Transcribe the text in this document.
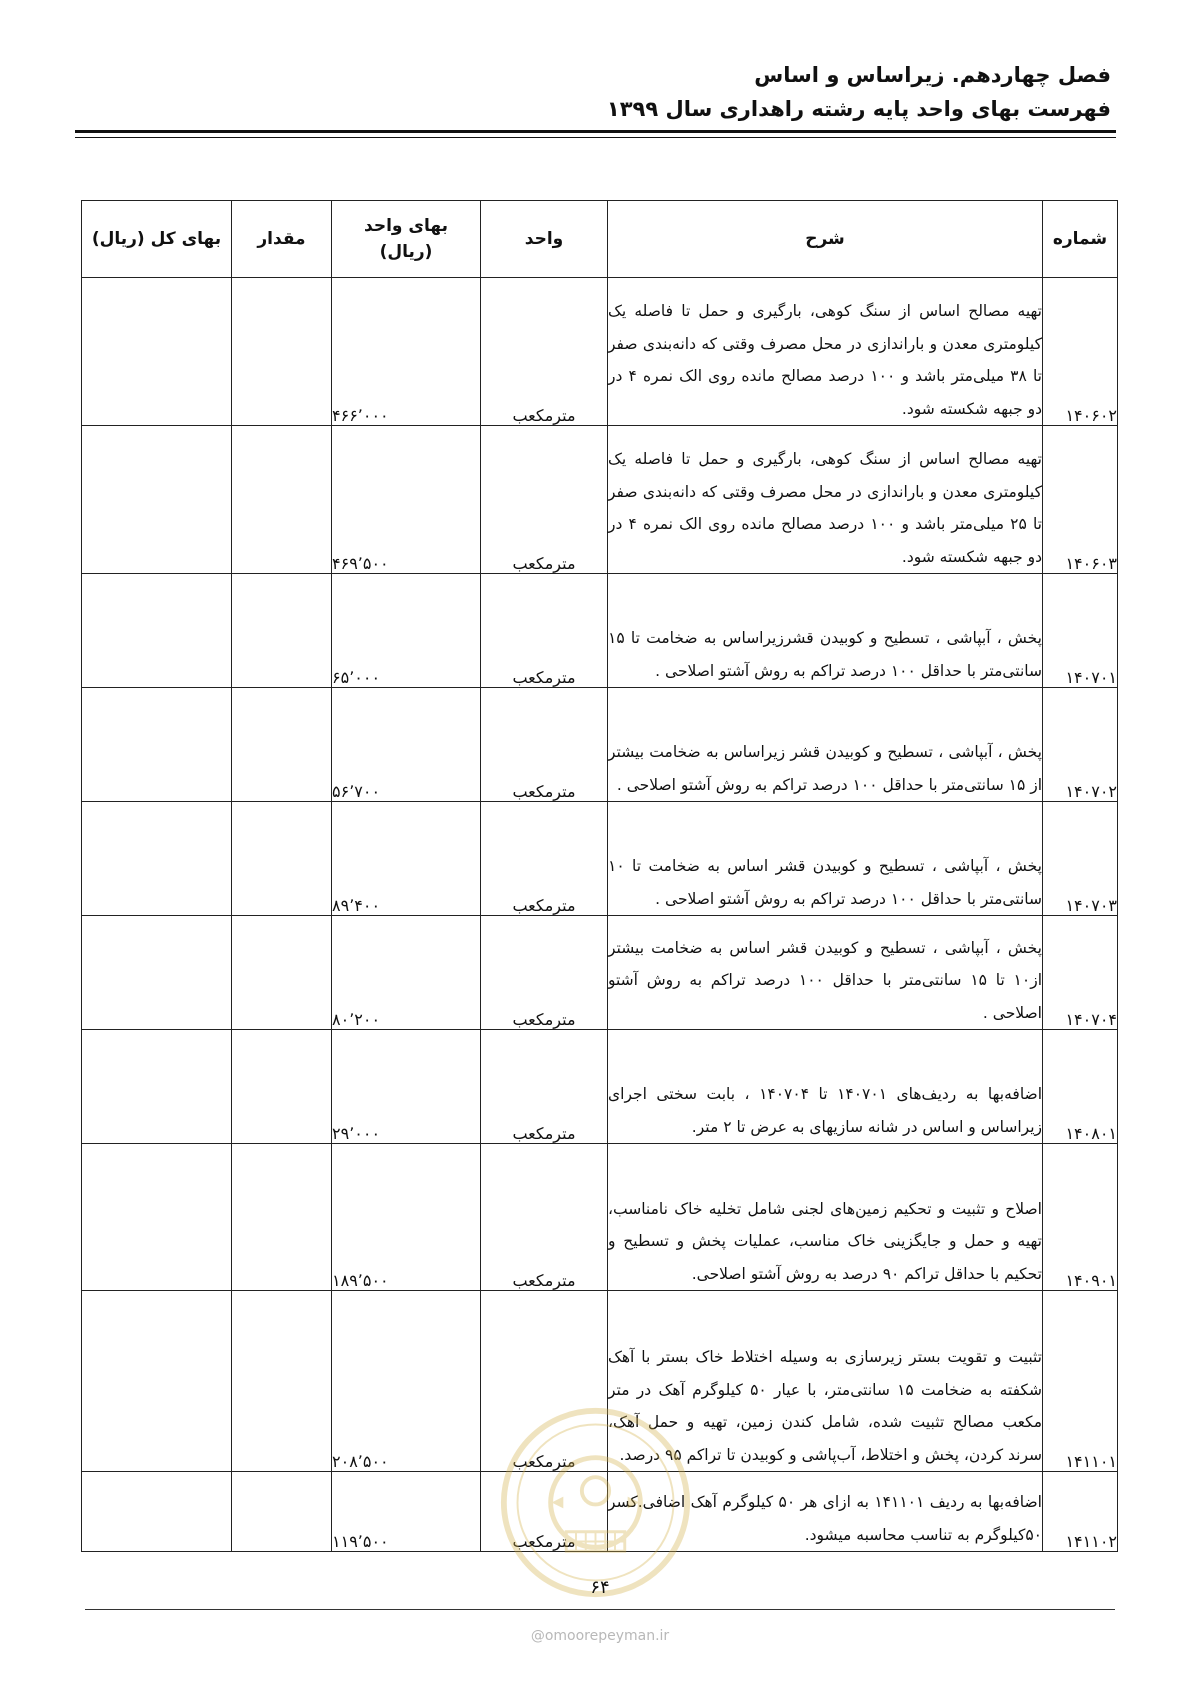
فصل چهاردهم. زیراساس و اساس
فهرست بهای واحد پایه رشته راهداری سال ۱۳۹۹
شماره	شرح	واحد	بهای واحد (ریال)	مقدار	بهای کل (ریال)
۱۴۰۶۰۲	تهیه مصالح اساس از سنگ کوهی، بارگیری و حمل تا فاصله یک کیلومتری معدن و باراندازی در محل مصرف وقتی که دانه‌بندی صفر تا ۳۸ میلی‌متر باشد و ۱۰۰ درصد مصالح مانده روی الک نمره ۴ در دو جبهه شکسته شود.	مترمکعب	۴۶۶٬۰۰۰		
۱۴۰۶۰۳	تهیه مصالح اساس از سنگ کوهی، بارگیری و حمل تا فاصله یک کیلومتری معدن و باراندازی در محل مصرف وقتی که دانه‌بندی صفر تا ۲۵ میلی‌متر باشد و ۱۰۰ درصد مصالح مانده روی الک نمره ۴ در دو جبهه شکسته شود.	مترمکعب	۴۶۹٬۵۰۰		
۱۴۰۷۰۱	پخش ، آبپاشی ، تسطیح و کوبیدن قشرزیراساس به ضخامت تا ۱۵ سانتی‌متر با حداقل ۱۰۰ درصد تراکم به روش آشتو اصلاحی .	مترمکعب	۶۵٬۰۰۰		
۱۴۰۷۰۲	پخش ، آبپاشی ، تسطیح و کوبیدن قشر زیراساس به ضخامت بیشتر از ۱۵ سانتی‌متر با حداقل ۱۰۰ درصد تراکم به روش آشتو اصلاحی .	مترمکعب	۵۶٬۷۰۰		
۱۴۰۷۰۳	پخش ، آبپاشی ، تسطیح و کوبیدن قشر اساس به ضخامت تا ۱۰ سانتی‌متر با حداقل ۱۰۰ درصد تراکم به روش آشتو اصلاحی .	مترمکعب	۸۹٬۴۰۰		
۱۴۰۷۰۴	پخش ، آبپاشی ، تسطیح و کوبیدن قشر اساس به ضخامت بیشتر از۱۰ تا ۱۵ سانتی‌متر با حداقل ۱۰۰ درصد تراکم به روش آشتو اصلاحی .	مترمکعب	۸۰٬۲۰۰		
۱۴۰۸۰۱	اضافه‌بها به ردیف‌های ۱۴۰۷۰۱ تا ۱۴۰۷۰۴ ، بابت سختی اجرای زیراساس و اساس در شانه سازیهای به عرض تا ۲ متر.	مترمکعب	۲۹٬۰۰۰		
۱۴۰۹۰۱	اصلاح و تثبیت و تحکیم زمین‌های لجنی شامل تخلیه خاک نامناسب، تهیه و حمل و جایگزینی خاک مناسب، عملیات پخش و تسطیح و تحکیم با حداقل تراکم ۹۰ درصد به روش آشتو اصلاحی.	مترمکعب	۱۸۹٬۵۰۰		
۱۴۱۱۰۱	تثبیت و تقویت بستر زیرسازی به وسیله اختلاط خاک بستر با آهک شکفته به ضخامت ۱۵ سانتی‌متر، با عیار ۵۰ کیلوگرم آهک در متر مکعب مصالح تثبیت شده، شامل کندن زمین، تهیه و حمل آهک، سرند کردن، پخش و اختلاط، آب‌پاشی و کوبیدن تا تراکم ۹۵ درصد.	مترمکعب	۲۰۸٬۵۰۰		
۱۴۱۱۰۲	اضافه‌بها به ردیف ۱۴۱۱۰۱ به ازای هر ۵۰ کیلوگرم آهک اضافی.کسر ۵۰کیلوگرم به تناسب محاسبه میشود.	مترمکعب	۱۱۹٬۵۰۰		
۶۴
@omoorepeyman.ir
